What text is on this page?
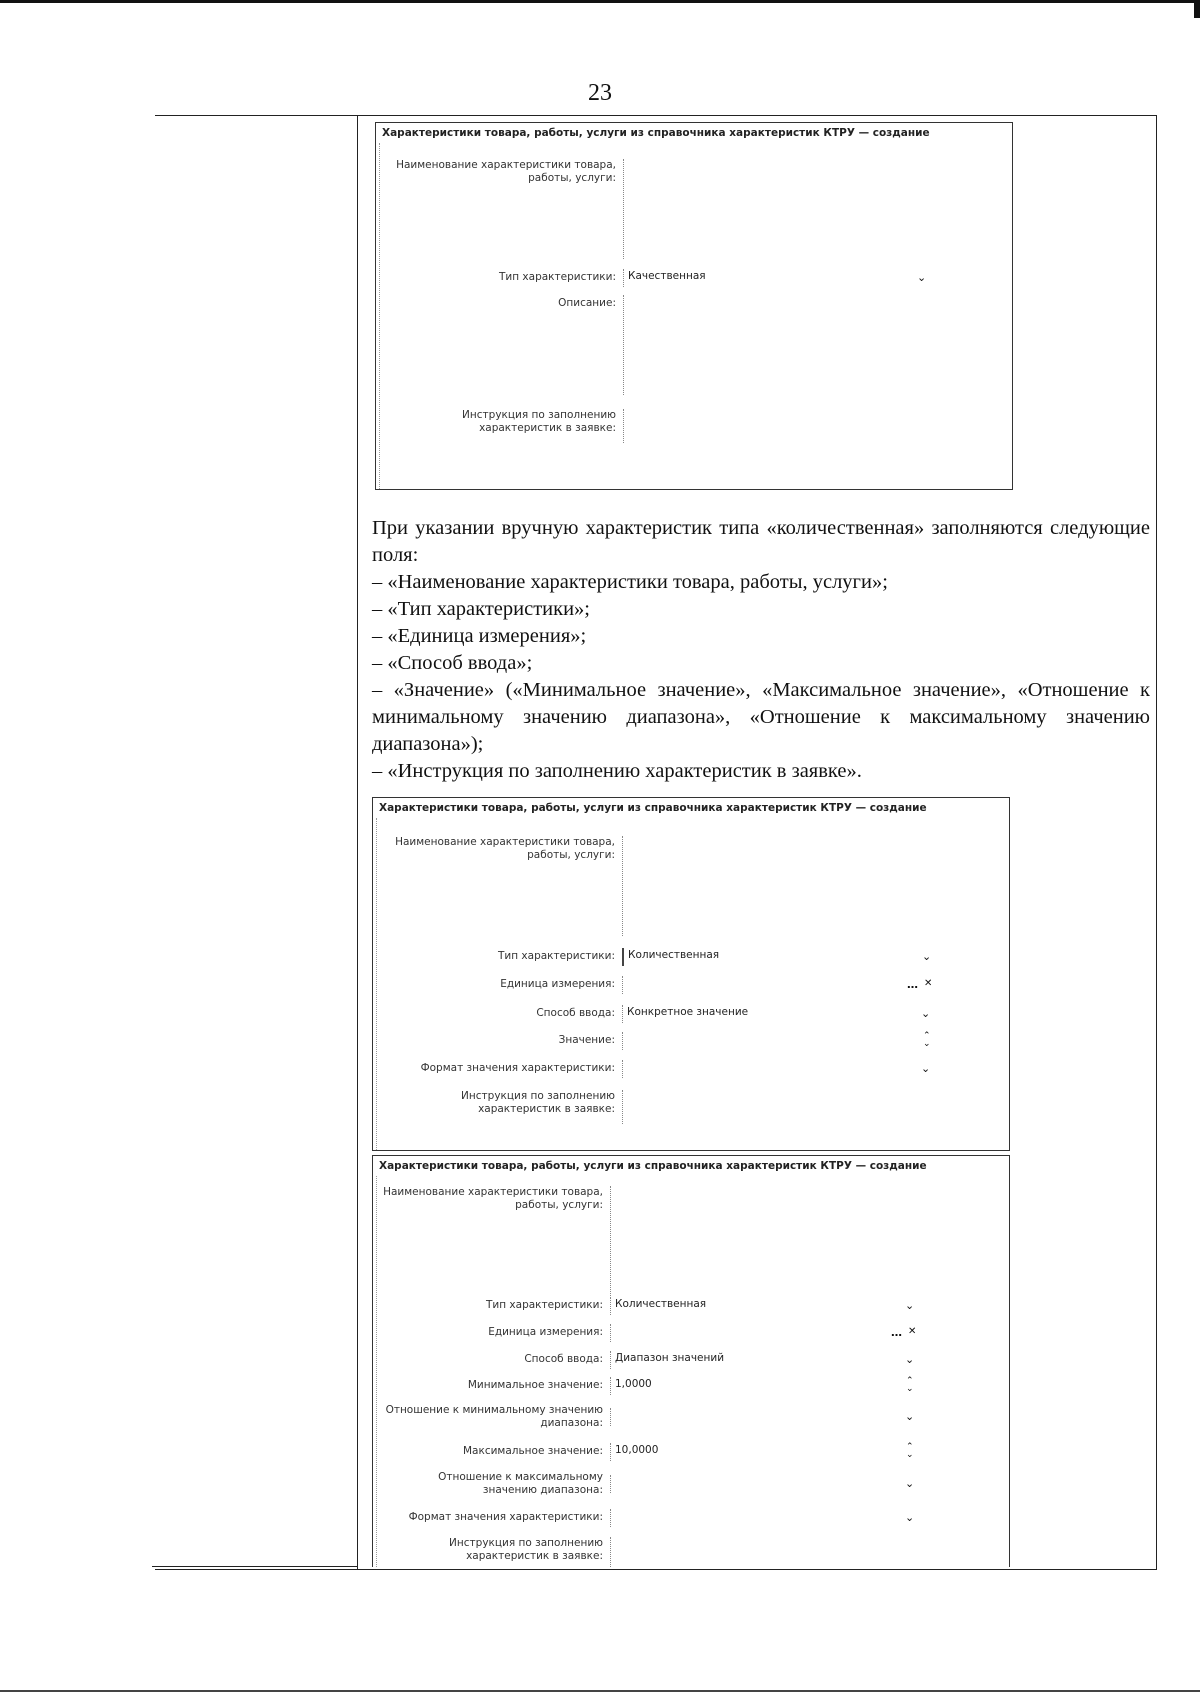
23
Характеристики товара, работы, услуги из справочника характеристик КТРУ — создание
Наименование характеристики товара, работы, услуги:
Тип характеристики: Качественная	⌄
Описание:
Инструкция по заполнению характеристик в заявке:

При указании вручную характеристик типа «количественная» заполняются следующие поля:

– «Наименование характеристики товара, работы, услуги»;

– «Тип характеристики»;

– «Единица измерения»;

– «Способ ввода»;

– «Значение» («Минимальное значение», «Максимальное значение», «Отношение к минимальному значению диапазона», «Отношение к максимальному значению диапазона»);

– «Инструкция по заполнению характеристик в заявке».

Характеристики товара, работы, услуги из справочника характеристик КТРУ — создание
Наименование характеристики товара, работы, услуги:
Тип характеристики: Количественная	⌄
Единица измерения:	… ✕
Способ ввода: Конкретное значение	⌄
Значение:	⌃
⌄
Формат значения характеристики:	⌄
Инструкция по заполнению характеристик в заявке:
Характеристики товара, работы, услуги из справочника характеристик КТРУ — создание
Наименование характеристики товара, работы, услуги:
Тип характеристики: Количественная	⌄
Единица измерения:	… ✕
Способ ввода: Диапазон значений	⌄
Минимальное значение: 1,0000	⌃
⌄
Отношение к минимальному значению диапазона:	⌄
Максимальное значение: 10,0000	⌃
⌄
Отношение к максимальному значению диапазона:	⌄
Формат значения характеристики:	⌄
Инструкция по заполнению характеристик в заявке:
